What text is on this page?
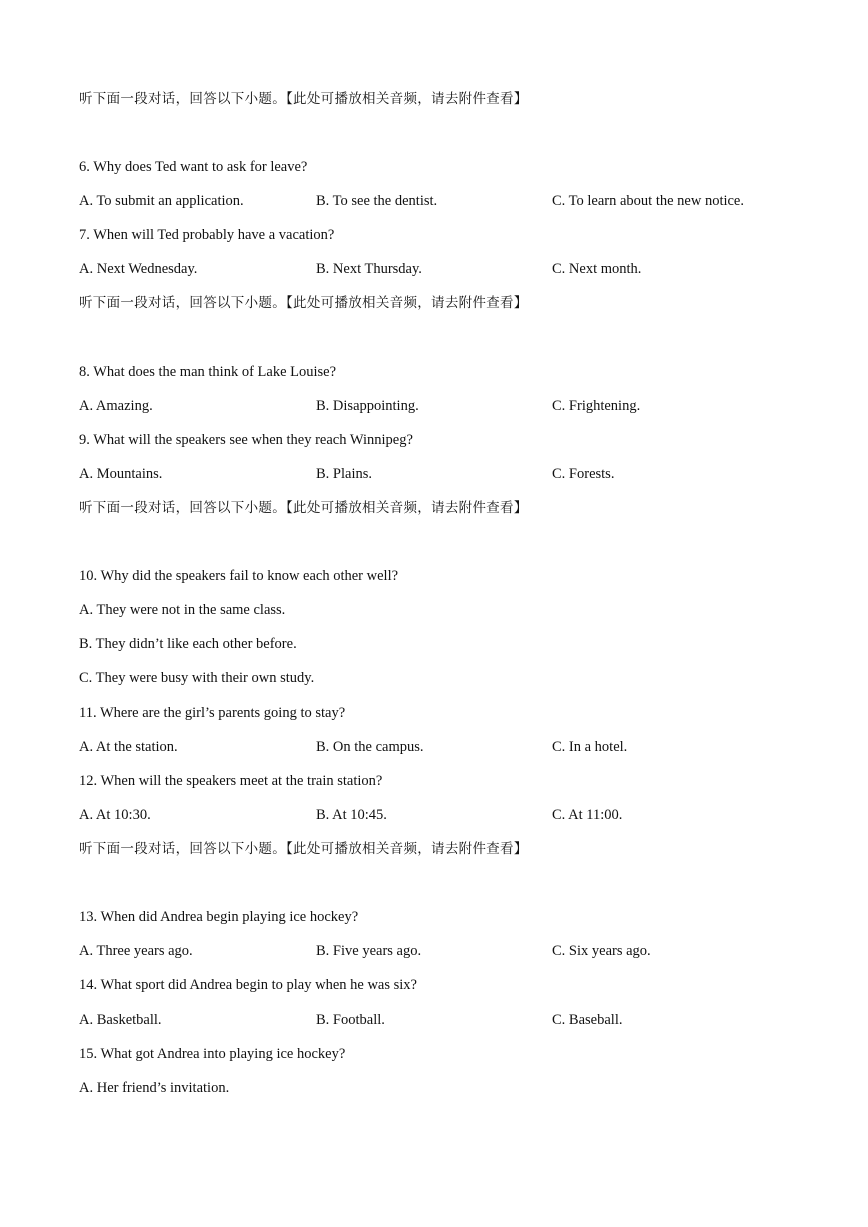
听下面一段对话，回答以下小题。【此处可播放相关音频，请去附件查看】
6. Why does Ted want to ask for leave?
A. To submit an application.	B. To see the dentist.	C. To learn about the new notice.
7. When will Ted probably have a vacation?
A. Next Wednesday.	B. Next Thursday.	C. Next month.
听下面一段对话，回答以下小题。【此处可播放相关音频，请去附件查看】
8. What does the man think of Lake Louise?
A. Amazing.	B. Disappointing.	C. Frightening.
9. What will the speakers see when they reach Winnipeg?
A. Mountains.	B. Plains.	C. Forests.
听下面一段对话，回答以下小题。【此处可播放相关音频，请去附件查看】
10. Why did the speakers fail to know each other well?
A. They were not in the same class.
B. They didn’t like each other before.
C. They were busy with their own study.
11. Where are the girl’s parents going to stay?
A. At the station.	B. On the campus.	C. In a hotel.
12. When will the speakers meet at the train station?
A. At 10:30.	B. At 10:45.	C. At 11:00.
听下面一段对话，回答以下小题。【此处可播放相关音频，请去附件查看】
13. When did Andrea begin playing ice hockey?
A. Three years ago.	B. Five years ago.	C. Six years ago.
14. What sport did Andrea begin to play when he was six?
A. Basketball.	B. Football.	C. Baseball.
15. What got Andrea into playing ice hockey?
A. Her friend’s invitation.
